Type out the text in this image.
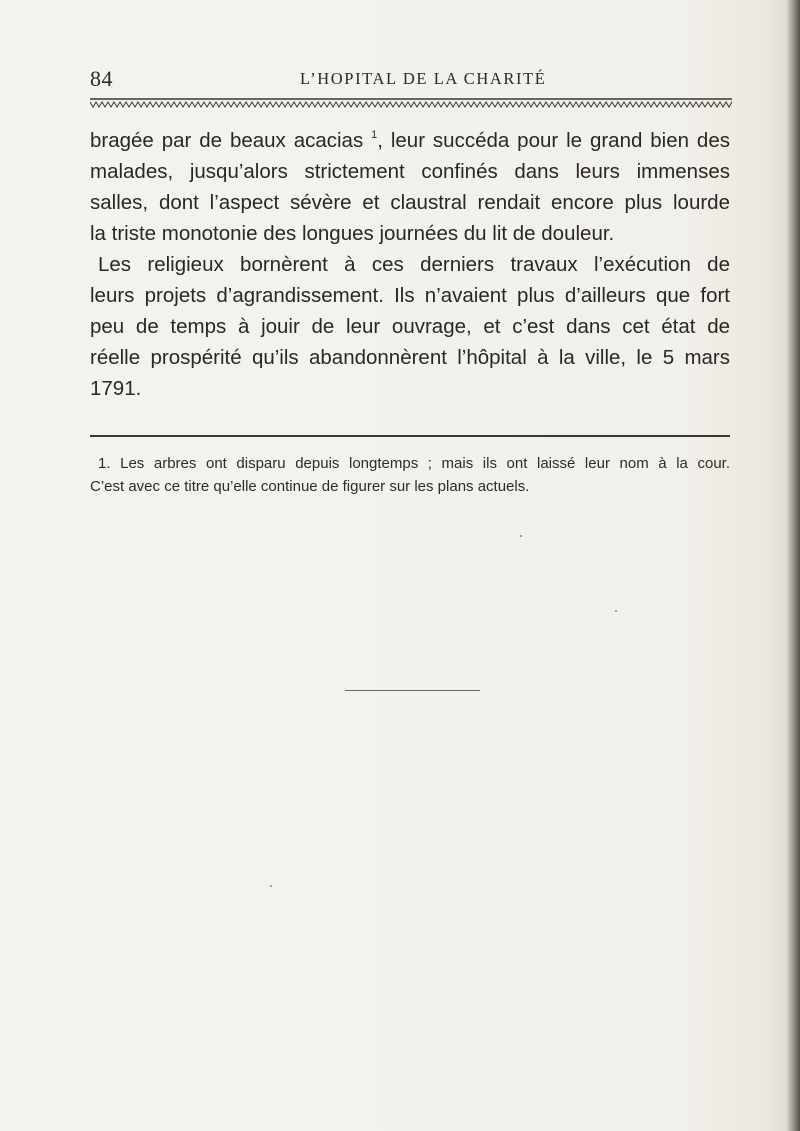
84	L’HOPITAL DE LA CHARITÉ
bragée par de beaux acacias $^1$, leur succéda pour le grand bien des
malades, jusqu’alors strictement confinés dans leurs immenses
salles, dont l’aspect sévère et claustral rendait encore plus lourde
la triste monotonie des longues journées du lit de douleur.
Les religieux bornèrent à ces derniers travaux l’exécution de
leurs projets d’agrandissement. Ils n’avaient plus d’ailleurs que fort
peu de temps à jouir de leur ouvrage, et c’est dans cet état de
réelle prospérité qu’ils abandonnèrent l’hôpital à la ville, le 5 mars
1791.
1. Les arbres ont disparu depuis longtemps ; mais ils ont laissé leur nom à la cour.
C’est avec ce titre qu’elle continue de figurer sur les plans actuels.
